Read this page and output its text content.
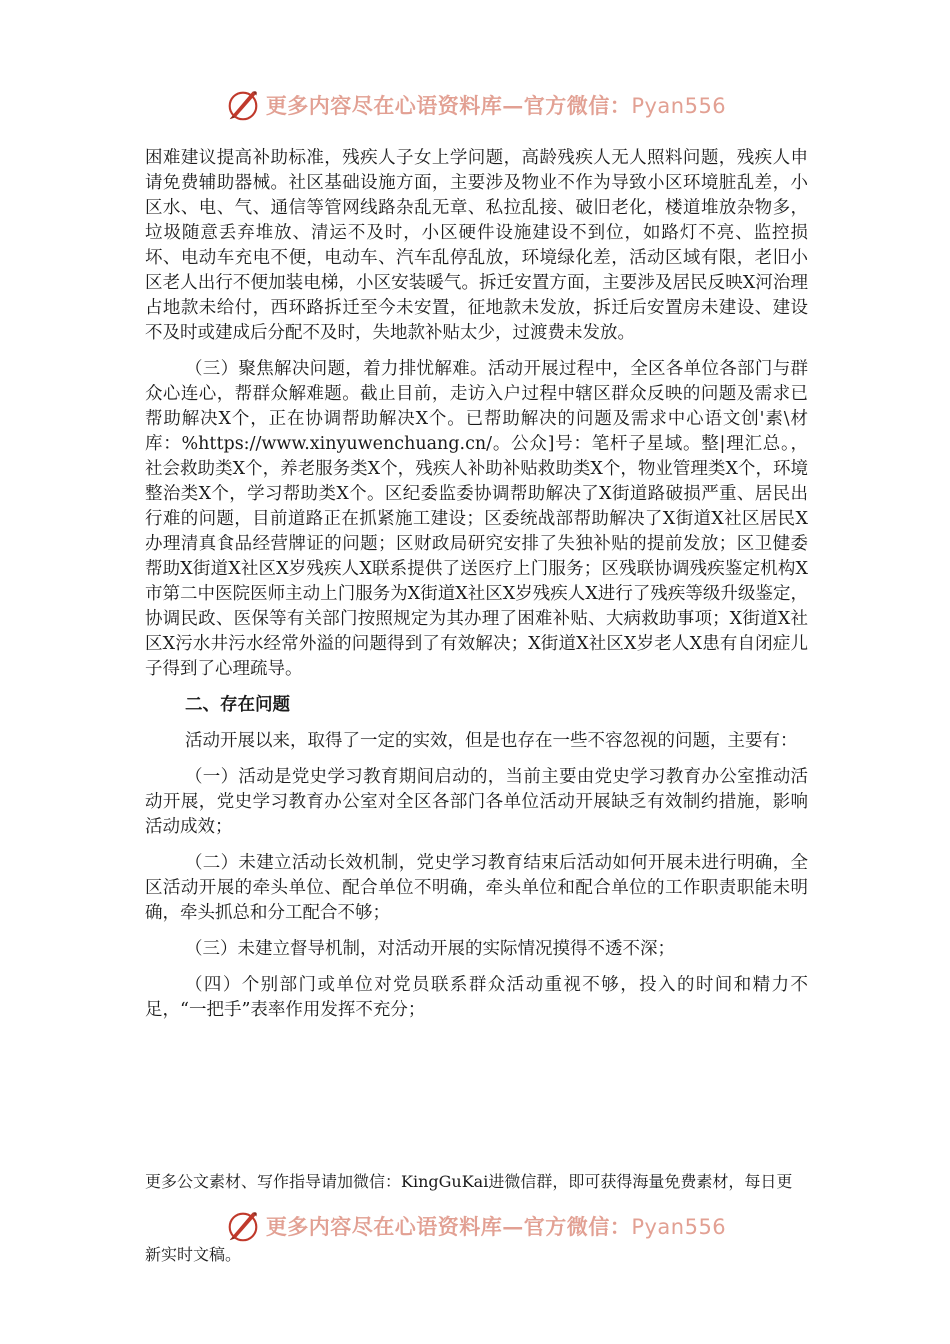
更多内容尽在心语资料库—官方微信：Pyan556

困难建议提高补助标准，残疾人子女上学问题，高龄残疾人无人照料问题，残疾人申请免费辅助器械。社区基础设施方面，主要涉及物业不作为导致小区环境脏乱差，小区水、电、气、通信等管网线路杂乱无章、私拉乱接、破旧老化，楼道堆放杂物多，垃圾随意丢弃堆放、清运不及时，小区硬件设施建设不到位，如路灯不亮、监控损坏、电动车充电不便，电动车、汽车乱停乱放，环境绿化差，活动区域有限，老旧小区老人出行不便加装电梯，小区安装暖气。拆迁安置方面，主要涉及居民反映X河治理占地款未给付，西环路拆迁至今未安置，征地款未发放，拆迁后安置房未建设、建设不及时或建成后分配不及时，失地款补贴太少，过渡费未发放。

（三）聚焦解决问题，着力排忧解难。活动开展过程中，全区各单位各部门与群众心连心，帮群众解难题。截止目前，走访入户过程中辖区群众反映的问题及需求已帮助解决X个，正在协调帮助解决X个。已帮助解决的问题及需求中心语文创'素\材库：%https://www.xinyuwenchuang.cn/。公众]号：笔杆子星域。整|理汇总。，社会救助类X个，养老服务类X个，残疾人补助补贴救助类X个，物业管理类X个，环境整治类X个，学习帮助类X个。区纪委监委协调帮助解决了X街道路破损严重、居民出行难的问题，目前道路正在抓紧施工建设；区委统战部帮助解决了X街道X社区居民X办理清真食品经营牌证的问题；区财政局研究安排了失独补贴的提前发放；区卫健委帮助X街道X社区X岁残疾人X联系提供了送医疗上门服务；区残联协调残疾鉴定机构X市第二中医院医师主动上门服务为X街道X社区X岁残疾人X进行了残疾等级升级鉴定，协调民政、医保等有关部门按照规定为其办理了困难补贴、大病救助事项；X街道X社区X污水井污水经常外溢的问题得到了有效解决；X街道X社区X岁老人X患有自闭症儿子得到了心理疏导。

二、存在问题

活动开展以来，取得了一定的实效，但是也存在一些不容忽视的问题，主要有：

（一）活动是党史学习教育期间启动的，当前主要由党史学习教育办公室推动活动开展，党史学习教育办公室对全区各部门各单位活动开展缺乏有效制约措施，影响活动成效；

（二）未建立活动长效机制，党史学习教育结束后活动如何开展未进行明确，全区活动开展的牵头单位、配合单位不明确，牵头单位和配合单位的工作职责职能未明确，牵头抓总和分工配合不够；

（三）未建立督导机制，对活动开展的实际情况摸得不透不深；

（四）个别部门或单位对党员联系群众活动重视不够，投入的时间和精力不足，“一把手”表率作用发挥不充分；

更多公文素材、写作指导请加微信：KingGuKai进微信群，即可获得海量免费素材，每日更

更多内容尽在心语资料库—官方微信：Pyan556

新实时文稿。
